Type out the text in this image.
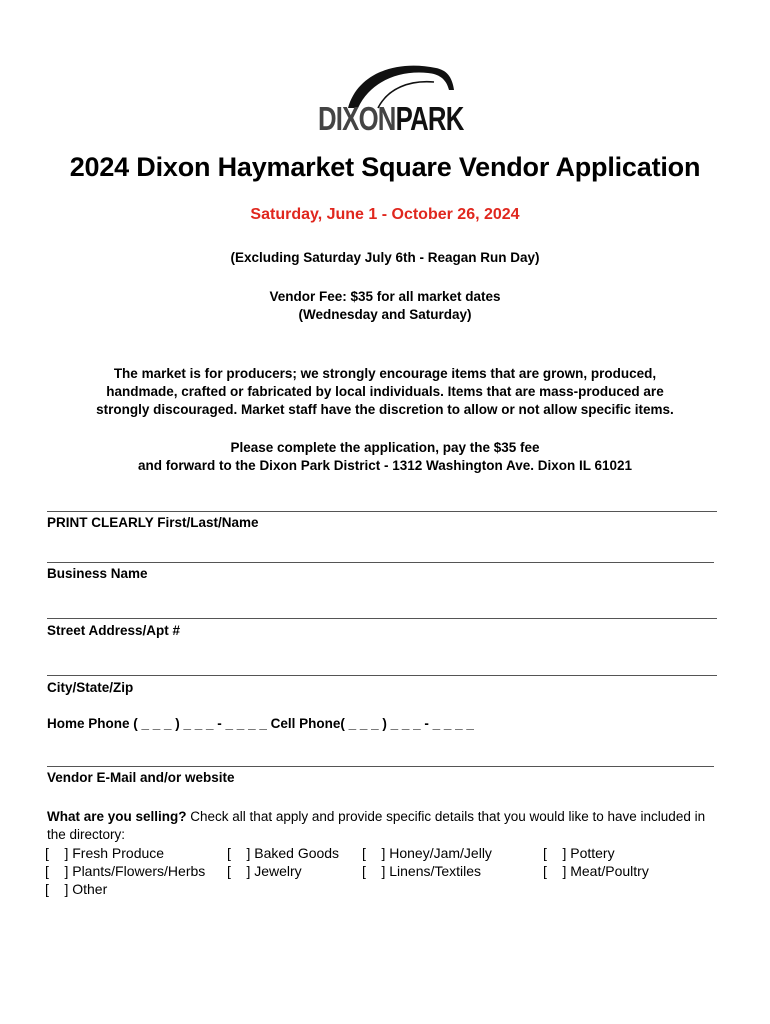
DIXONPARK
2024 Dixon Haymarket Square Vendor Application
Saturday, June 1 - October 26, 2024
(Excluding Saturday July 6th - Reagan Run Day)
Vendor Fee: $35 for all market dates
(Wednesday and Saturday)
The market is for producers; we strongly encourage items that are grown, produced,
handmade, crafted or fabricated by local individuals. Items that are mass-produced are
strongly discouraged. Market staff have the discretion to allow or not allow specific items.
Please complete the application, pay the $35 fee
and forward to the Dixon Park District - 1312 Washington Ave. Dixon IL 61021
PRINT CLEARLY First/Last/Name
Business Name
Street Address/Apt #
City/State/Zip
Home Phone ( _ _ _ ) _ _ _ - _ _ _ _ Cell Phone( _ _ _ ) _ _ _ - _ _ _ _
Vendor E-Mail and/or website
What are you selling? Check all that apply and provide specific details that you would like to have included in the directory:
[    ] Fresh Produce	[    ] Baked Goods [    ] Honey/Jam/Jelly	[    ] Pottery
[    ] Plants/Flowers/Herbs [    ] Jewelry	[    ] Linens/Textiles	[    ] Meat/Poultry
[    ] Other
